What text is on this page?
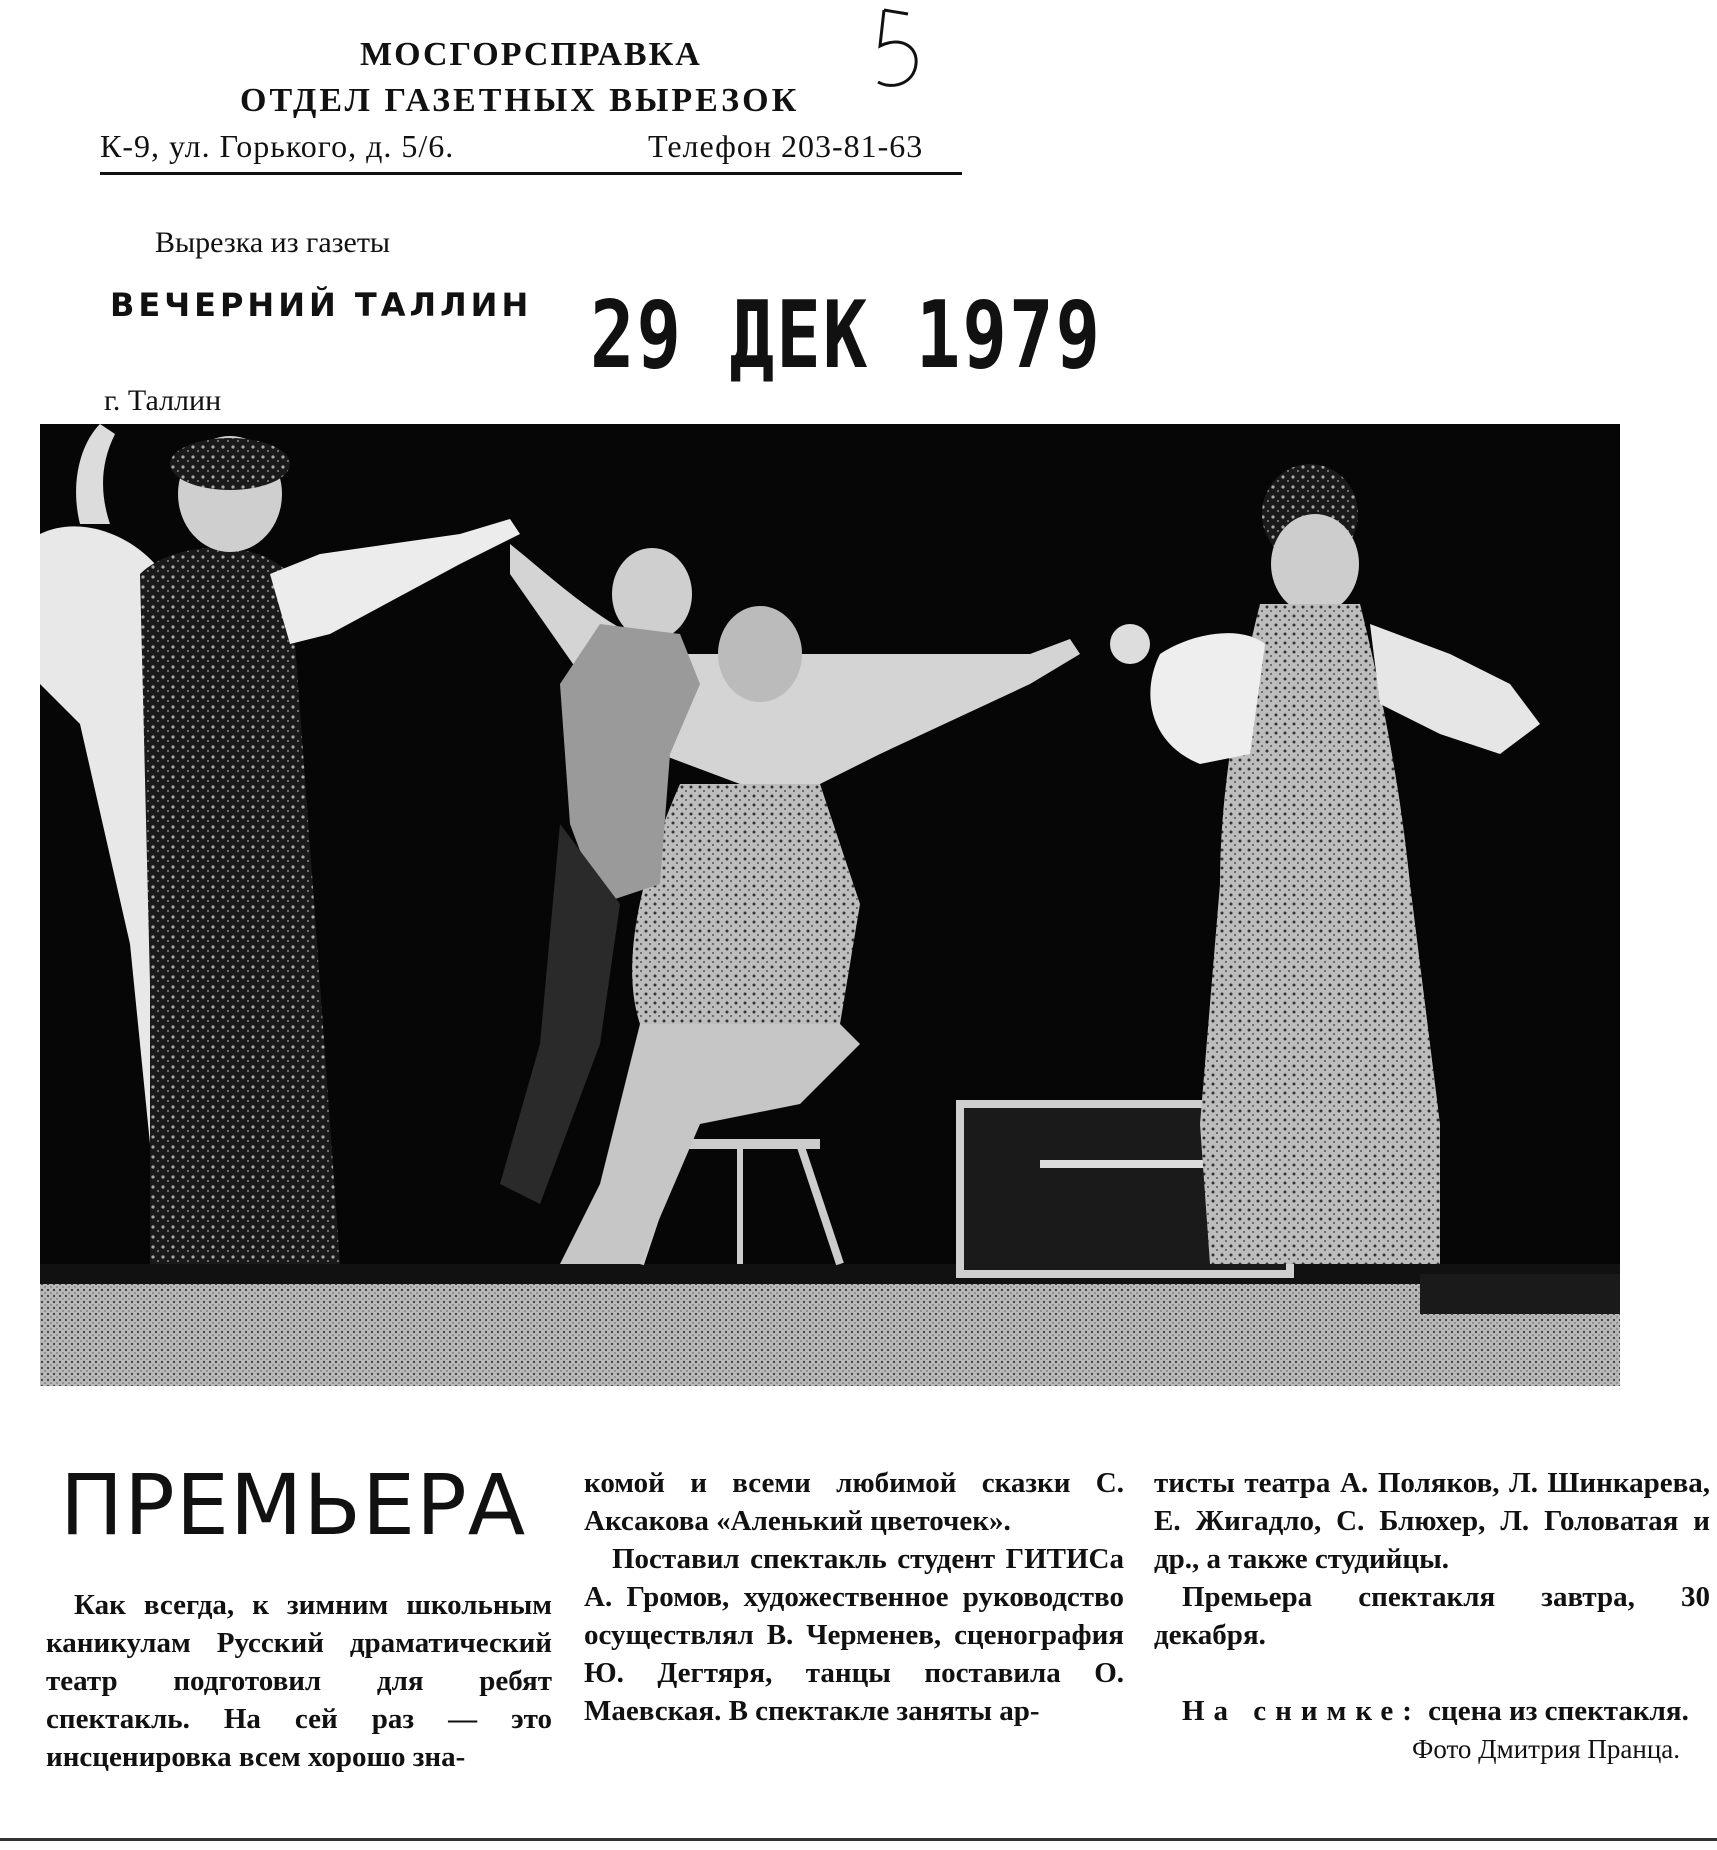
МОСГОРСПРАВКА
ОТДЕЛ ГАЗЕТНЫХ ВЫРЕЗОК
К-9, ул. Горького, д. 5/6.	Телефон 203-81-63
Вырезка из газеты
ВЕЧЕРНИЙ ТАЛЛИН 29 ДЕК 1979
г. Таллин
ПРЕМЬЕРА

Как всегда, к зимним школьным каникулам Русский драматический театр подготовил для ребят спектакль. На сей раз — это инсценировка всем хорошо зна-

комой и всеми любимой сказки С. Аксакова «Аленький цветочек».

Поставил спектакль студент ГИТИСа А. Громов, художественное руководство осуществлял В. Черменев, сценография Ю. Дегтяря, танцы поставила О. Маевская. В спектакле заняты ар-

тисты театра А. Поляков, Л. Шинкарева, Е. Жигадло, С. Блюхер, Л. Головатая и др., а также студийцы.

Премьера спектакля завтра, 30 декабря.

На снимке: сцена из спектакля.

Фото Дмитрия Пранца.
